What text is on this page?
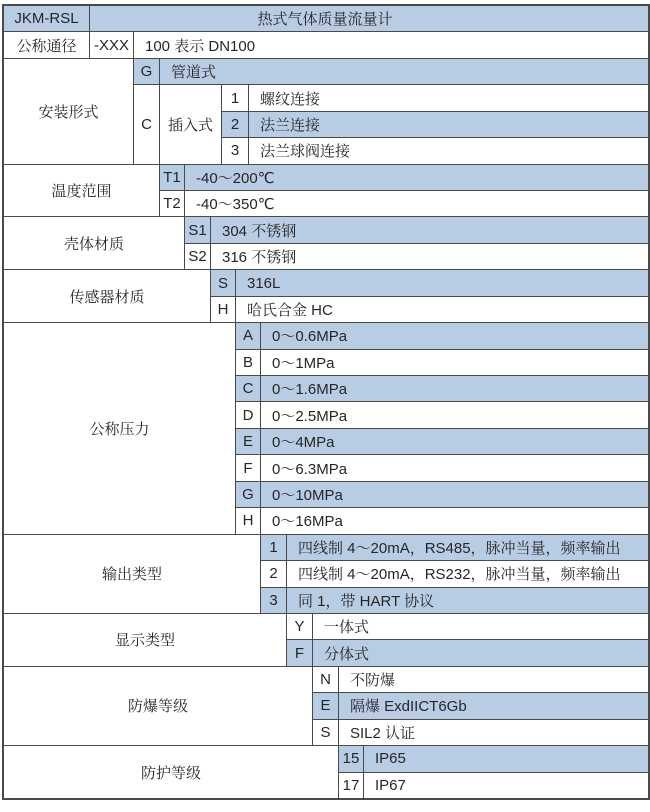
JKM-RSL	热式气体质量流量计
公称通径	-XXX	100 表示 DN100
安装形式
G	管道式
C	插入式
1	螺纹连接
2	法兰连接
3	法兰球阀连接
温度范围
T1	-40～200℃
T2	-40～350℃
壳体材质
S1	304 不锈钢
S2	316 不锈钢
传感器材质
S	316L
H	哈氏合金 HC
公称压力
A	0～0.6MPa
B	0～1MPa
C	0～1.6MPa
D	0～2.5MPa
E	0～4MPa
F	0～6.3MPa
G	0～10MPa
H	0～16MPa
输出类型
1	四线制 4～20mA，RS485，脉冲当量，频率输出
2	四线制 4～20mA，RS232，脉冲当量，频率输出
3	同 1，带 HART 协议
显示类型
Y	一体式
F	分体式
防爆等级
N	不防爆
E	隔爆 ExdIICT6Gb
S	SIL2 认证
防护等级
15	IP65
17	IP67
